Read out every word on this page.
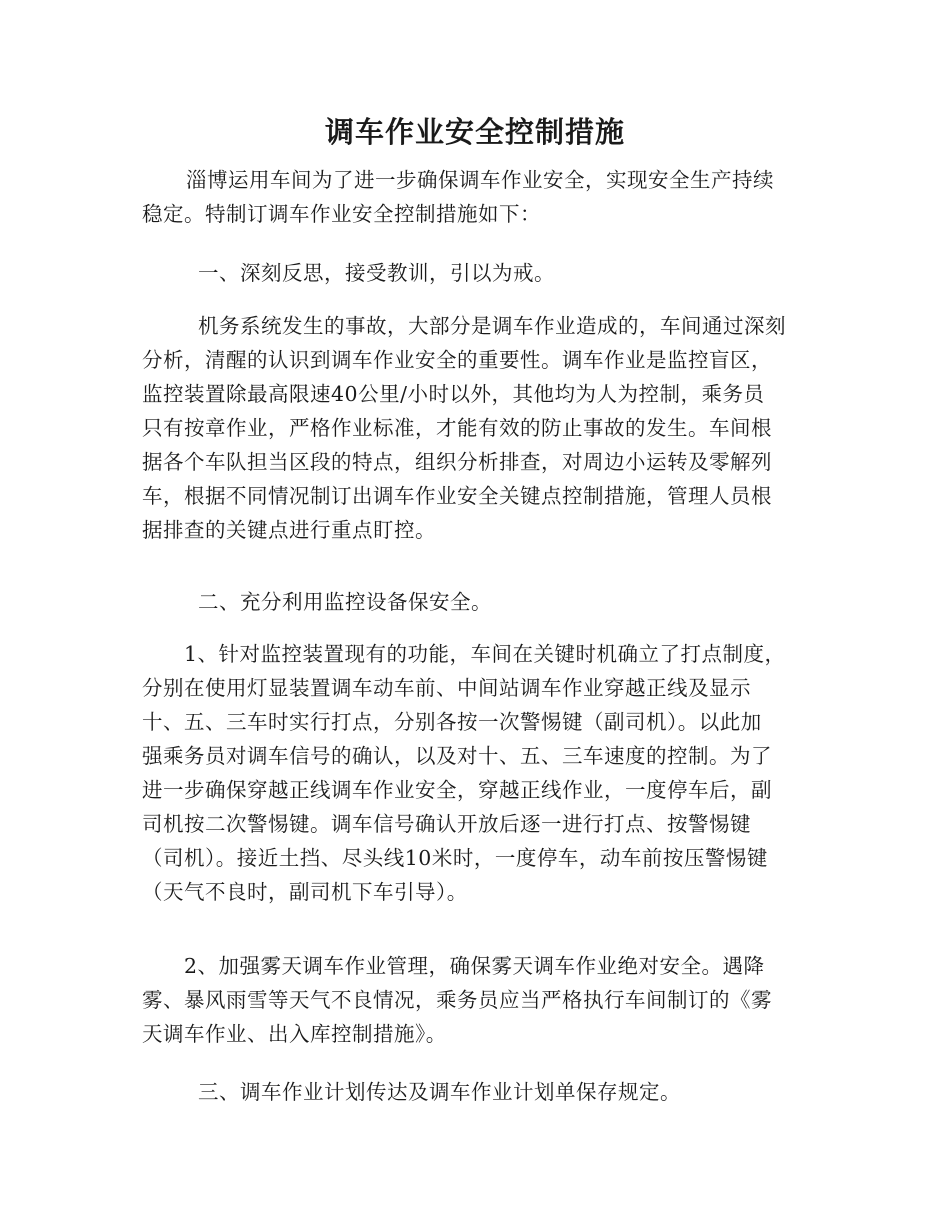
调车作业安全控制措施

淄博运用车间为了进一步确保调车作业安全，实现安全生产持续
稳定。特制订调车作业安全控制措施如下：

一、深刻反思，接受教训，引以为戒。

机务系统发生的事故，大部分是调车作业造成的，车间通过深刻
分析，清醒的认识到调车作业安全的重要性。调车作业是监控盲区，
监控装置除最高限速40公里/小时以外，其他均为人为控制，乘务员
只有按章作业，严格作业标准，才能有效的防止事故的发生。车间根
据各个车队担当区段的特点，组织分析排查，对周边小运转及零解列
车，根据不同情况制订出调车作业安全关键点控制措施，管理人员根
据排查的关键点进行重点盯控。

二、充分利用监控设备保安全。

1、针对监控装置现有的功能，车间在关键时机确立了打点制度，
分别在使用灯显装置调车动车前、中间站调车作业穿越正线及显示
十、五、三车时实行打点，分别各按一次警惕键（副司机）。以此加
强乘务员对调车信号的确认，以及对十、五、三车速度的控制。为了
进一步确保穿越正线调车作业安全，穿越正线作业，一度停车后，副
司机按二次警惕键。调车信号确认开放后逐一进行打点、按警惕键
（司机）。接近土挡、尽头线10米时，一度停车，动车前按压警惕键
（天气不良时，副司机下车引导）。

2、加强雾天调车作业管理，确保雾天调车作业绝对安全。遇降
雾、暴风雨雪等天气不良情况，乘务员应当严格执行车间制订的《雾
天调车作业、出入库控制措施》。

三、调车作业计划传达及调车作业计划单保存规定。
